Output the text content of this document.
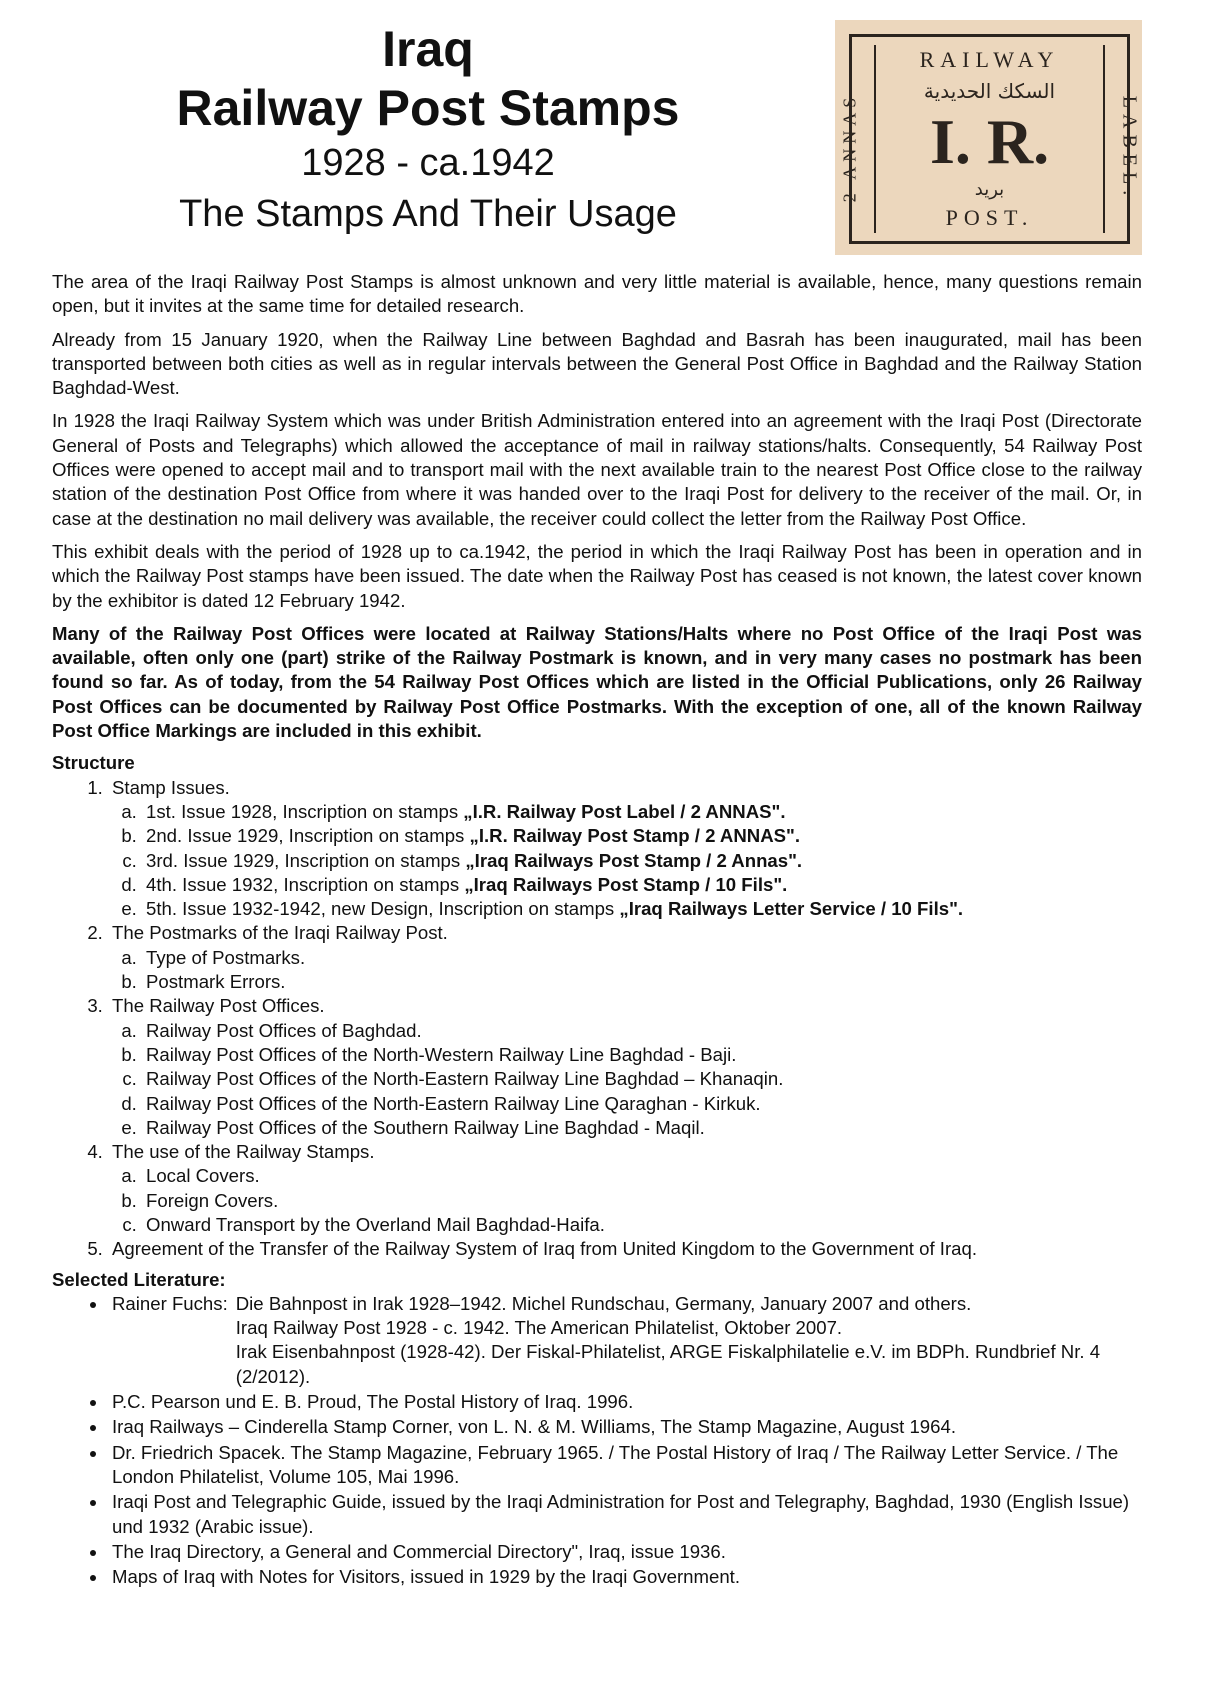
Iraq
Railway Post Stamps
1928 - ca.1942
The Stamps And Their Usage
RAILWAY
السكك الحديدية
I. R.
بريد
POST.
2 ANNAS	LABEL.

The area of the Iraqi Railway Post Stamps is almost unknown and very little material is available, hence, many questions remain open, but it invites at the same time for detailed research.

Already from 15 January 1920, when the Railway Line between Baghdad and Basrah has been inaugurated, mail has been transported between both cities as well as in regular intervals between the General Post Office in Baghdad and the Railway Station Baghdad-West.

In 1928 the Iraqi Railway System which was under British Administration entered into an agreement with the Iraqi Post (Directorate General of Posts and Telegraphs) which allowed the acceptance of mail in railway stations/halts. Consequently, 54 Railway Post Offices were opened to accept mail and to transport mail with the next available train to the nearest Post Office close to the railway station of the destination Post Office from where it was handed over to the Iraqi Post for delivery to the receiver of the mail. Or, in case at the destination no mail delivery was available, the receiver could collect the letter from the Railway Post Office.

This exhibit deals with the period of 1928 up to ca.1942, the period in which the Iraqi Railway Post has been in operation and in which the Railway Post stamps have been issued. The date when the Railway Post has ceased is not known, the latest cover known by the exhibitor is dated 12 February 1942.

Many of the Railway Post Offices were located at Railway Stations/Halts where no Post Office of the Iraqi Post was available, often only one (part) strike of the Railway Postmark is known, and in very many cases no postmark has been found so far. As of today, from the 54 Railway Post Offices which are listed in the Official Publications, only 26 Railway Post Offices can be documented by Railway Post Office Postmarks. With the exception of one, all of the known Railway Post Office Markings are included in this exhibit.

Structure
1. Stamp Issues.
a. 1st. Issue 1928, Inscription on stamps „I.R. Railway Post Label / 2 ANNAS".
b. 2nd. Issue 1929, Inscription on stamps „I.R. Railway Post Stamp / 2 ANNAS".
c. 3rd. Issue 1929, Inscription on stamps „Iraq Railways Post Stamp / 2 Annas".
d. 4th. Issue 1932, Inscription on stamps „Iraq Railways Post Stamp / 10 Fils".
e. 5th. Issue 1932-1942, new Design, Inscription on stamps „Iraq Railways Letter Service / 10 Fils".
2. The Postmarks of the Iraqi Railway Post.
a. Type of Postmarks.
b. Postmark Errors.
3. The Railway Post Offices.
a. Railway Post Offices of Baghdad.
b. Railway Post Offices of the North-Western Railway Line Baghdad - Baji.
c. Railway Post Offices of the North-Eastern Railway Line Baghdad – Khanaqin.
d. Railway Post Offices of the North-Eastern Railway Line Qaraghan - Kirkuk.
e. Railway Post Offices of the Southern Railway Line Baghdad - Maqil.
4. The use of the Railway Stamps.
a. Local Covers.
b. Foreign Covers.
c. Onward Transport by the Overland Mail Baghdad-Haifa.
5. Agreement of the Transfer of the Railway System of Iraq from United Kingdom to the Government of Iraq.
Selected Literature:
• Rainer Fuchs: Die Bahnpost in Irak 1928–1942. Michel Rundschau, Germany, January 2007 and others.
Iraq Railway Post 1928 - c. 1942. The American Philatelist, Oktober 2007.
Irak Eisenbahnpost (1928-42). Der Fiskal-Philatelist, ARGE Fiskalphilatelie e.V. im BDPh. Rundbrief Nr. 4 (2/2012).
• P.C. Pearson und E. B. Proud, The Postal History of Iraq. 1996.
• Iraq Railways – Cinderella Stamp Corner, von L. N. & M. Williams, The Stamp Magazine, August 1964.
• Dr. Friedrich Spacek. The Stamp Magazine, February 1965. / The Postal History of Iraq / The Railway Letter Service. / The London Philatelist, Volume 105, Mai 1996.
• Iraqi Post and Telegraphic Guide, issued by the Iraqi Administration for Post and Telegraphy, Baghdad, 1930 (English Issue) und 1932 (Arabic issue).
• The Iraq Directory, a General and Commercial Directory", Iraq, issue 1936.
• Maps of Iraq with Notes for Visitors, issued in 1929 by the Iraqi Government.
